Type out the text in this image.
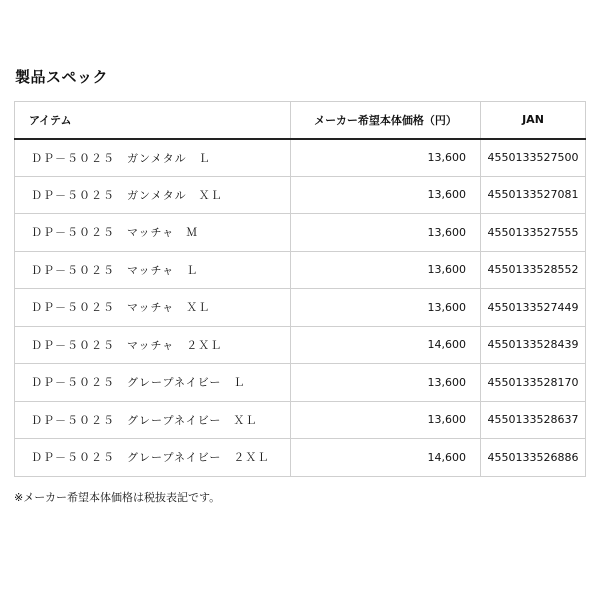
製品スペック
アイテム	メーカー希望本体価格（円）	JAN
ＤＰ－５０２５　ガンメタル　Ｌ	13,600	4550133527500
ＤＰ－５０２５　ガンメタル　ＸＬ	13,600	4550133527081
ＤＰ－５０２５　マッチャ　Ｍ	13,600	4550133527555
ＤＰ－５０２５　マッチャ　Ｌ	13,600	4550133528552
ＤＰ－５０２５　マッチャ　ＸＬ	13,600	4550133527449
ＤＰ－５０２５　マッチャ　２ＸＬ	14,600	4550133528439
ＤＰ－５０２５　グレープネイビー　Ｌ	13,600	4550133528170
ＤＰ－５０２５　グレープネイビー　ＸＬ	13,600	4550133528637
ＤＰ－５０２５　グレープネイビー　２ＸＬ	14,600	4550133526886
※メーカー希望本体価格は税抜表記です。
